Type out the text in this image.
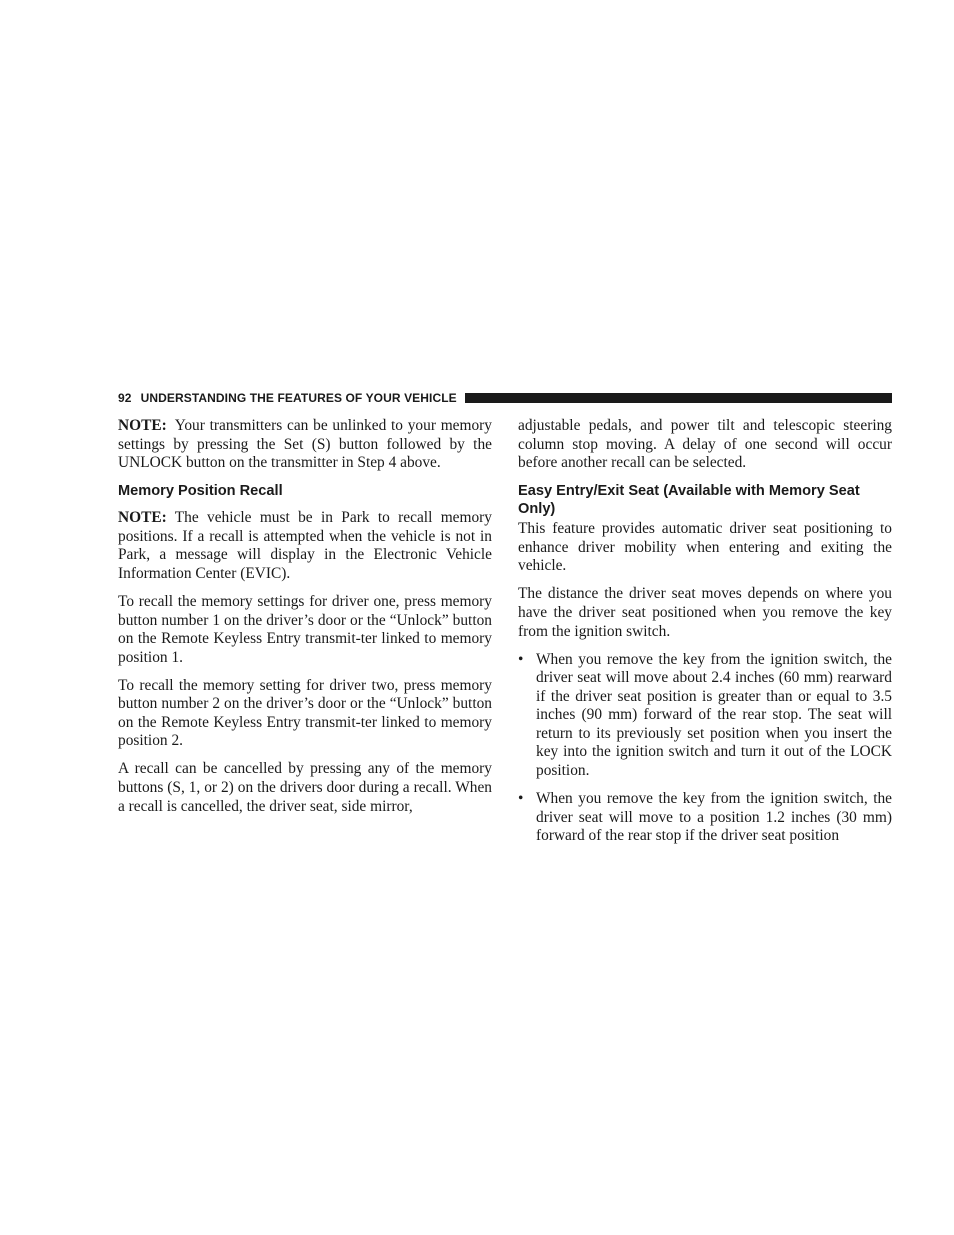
92 UNDERSTANDING THE FEATURES OF YOUR VEHICLE

NOTE: Your transmitters can be unlinked to your memory settings by pressing the Set (S) button followed by the UNLOCK button on the transmitter in Step 4 above.

Memory Position Recall

NOTE: The vehicle must be in Park to recall memory positions. If a recall is attempted when the vehicle is not in Park, a message will display in the Electronic Vehicle Information Center (EVIC).

To recall the memory settings for driver one, press memory button number 1 on the driver’s door or the “Unlock” button on the Remote Keyless Entry transmit-ter linked to memory position 1.

To recall the memory setting for driver two, press memory button number 2 on the driver’s door or the “Unlock” button on the Remote Keyless Entry transmit-ter linked to memory position 2.

A recall can be cancelled by pressing any of the memory buttons (S, 1, or 2) on the drivers door during a recall. When a recall is cancelled, the driver seat, side mirror,

adjustable pedals, and power tilt and telescopic steering column stop moving. A delay of one second will occur before another recall can be selected.

Easy Entry/Exit Seat (Available with Memory Seat Only)

This feature provides automatic driver seat positioning to enhance driver mobility when entering and exiting the vehicle.

The distance the driver seat moves depends on where you have the driver seat positioned when you remove the key from the ignition switch.

• When you remove the key from the ignition switch, the driver seat will move about 2.4 inches (60 mm) rearward if the driver seat position is greater than or equal to 3.5 inches (90 mm) forward of the rear stop. The seat will return to its previously set position when you insert the key into the ignition switch and turn it out of the LOCK position.
• When you remove the key from the ignition switch, the driver seat will move to a position 1.2 inches (30 mm) forward of the rear stop if the driver seat position
